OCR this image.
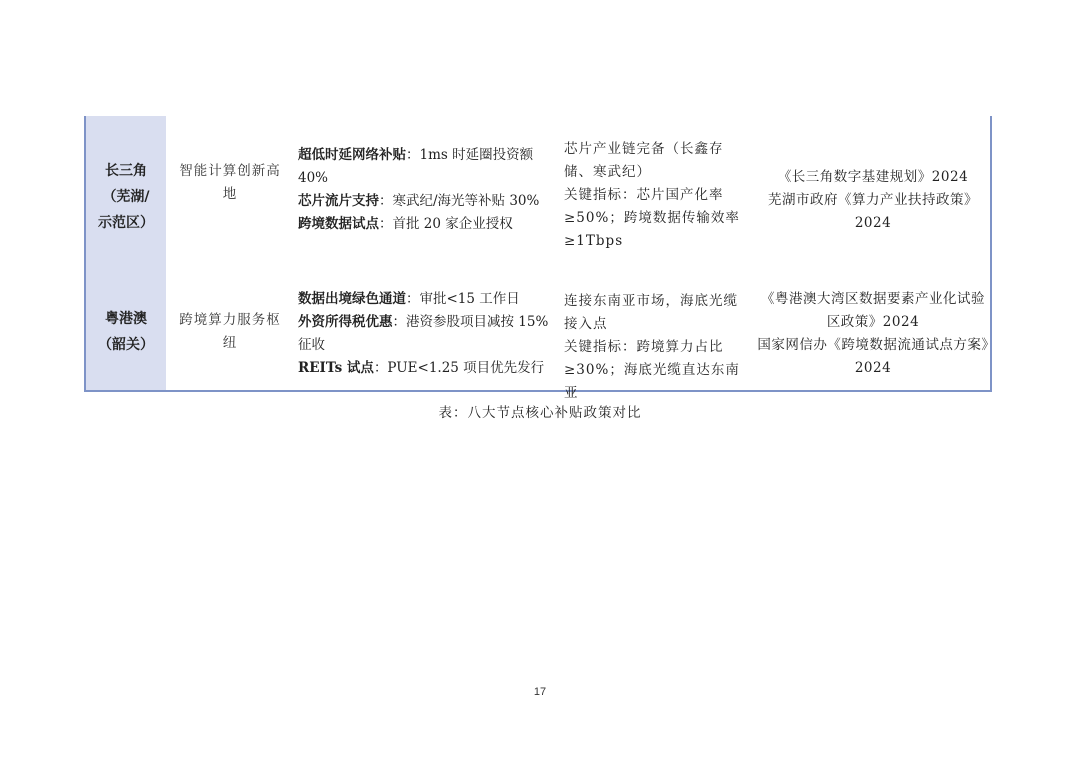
长三角
（芜湖/
示范区）
智能计算创新高地
超低时延网络补贴：1ms 时延圈投资额 40%
芯片流片支持：寒武纪/海光等补贴 30%
跨境数据试点：首批 20 家企业授权
芯片产业链完备（长鑫存储、寒武纪）
关键指标：芯片国产化率 ≥50%；跨境数据传输效率 ≥1Tbps
《长三角数字基建规划》2024
芜湖市政府《算力产业扶持政策》2024
粤港澳
（韶关）
跨境算力服务枢纽
数据出境绿色通道：审批<15 工作日
外资所得税优惠：港资参股项目减按 15%征收
REITs 试点：PUE<1.25 项目优先发行
连接东南亚市场，海底光缆接入点
关键指标：跨境算力占比 ≥30%；海底光缆直达东南亚
《粤港澳大湾区数据要素产业化试验区政策》2024
国家网信办《跨境数据流通试点方案》2024
表：八大节点核心补贴政策对比
17
